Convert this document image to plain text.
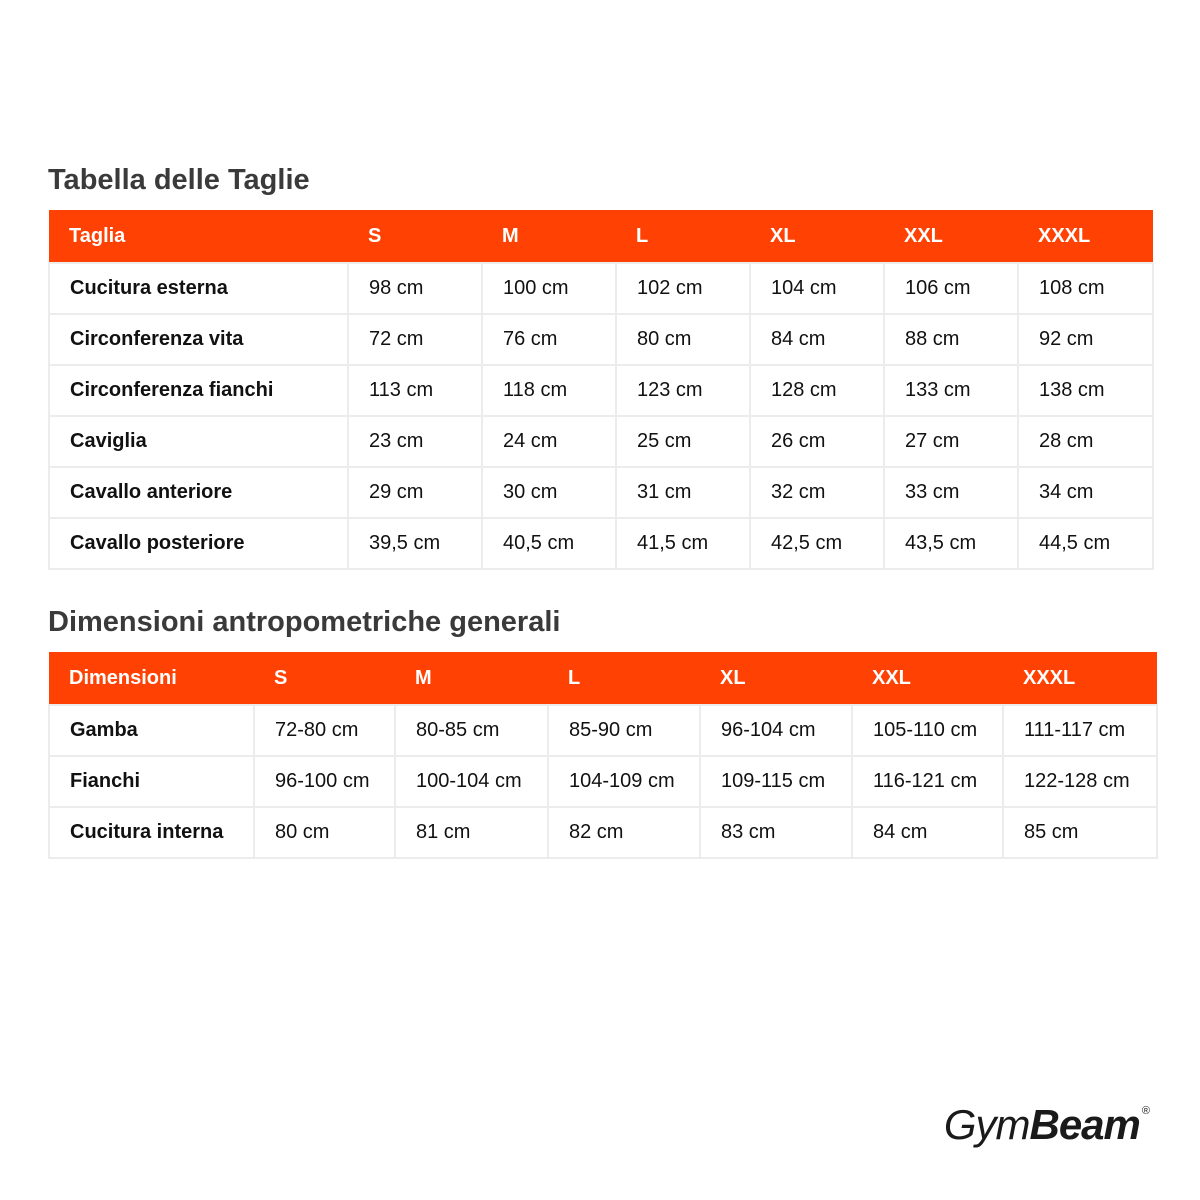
Tabella delle Taglie
Taglia	S	M	L	XL	XXL	XXXL
Cucitura esterna	98 cm	100 cm	102 cm	104 cm	106 cm	108 cm
Circonferenza vita	72 cm	76 cm	80 cm	84 cm	88 cm	92 cm
Circonferenza fianchi	113 cm	118 cm	123 cm	128 cm	133 cm	138 cm
Caviglia	23 cm	24 cm	25 cm	26 cm	27 cm	28 cm
Cavallo anteriore	29 cm	30 cm	31 cm	32 cm	33 cm	34 cm
Cavallo posteriore	39,5 cm	40,5 cm	41,5 cm	42,5 cm	43,5 cm	44,5 cm
Dimensioni antropometriche generali
Dimensioni	S	M	L	XL	XXL	XXXL
Gamba	72-80 cm	80-85 cm	85-90 cm	96-104 cm	105-110 cm	111-117 cm
Fianchi	96-100 cm	100-104 cm	104-109 cm	109-115 cm	116-121 cm	122-128 cm
Cucitura interna	80 cm	81 cm	82 cm	83 cm	84 cm	85 cm
Gym Beam ®
